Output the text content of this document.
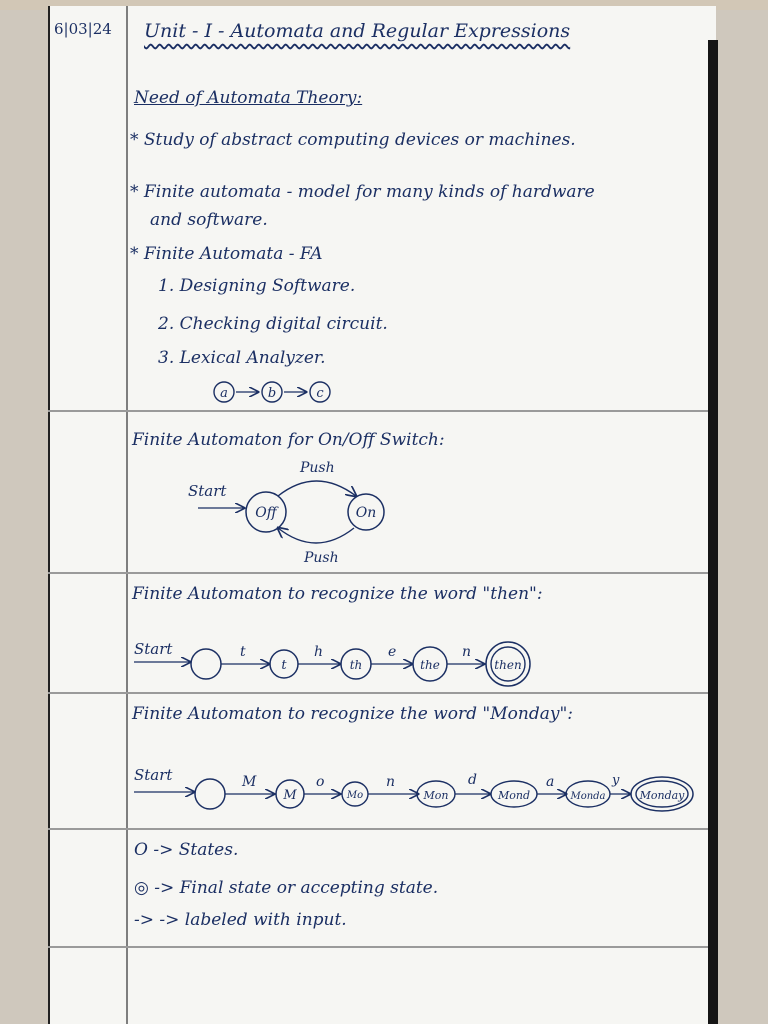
6|03|24 Unit - I - Automata and Regular Expressions
Need of Automata Theory:
* Study of abstract computing devices or machines.
* Finite automata - model for many kinds of hardware
and software.
* Finite Automata - FA
1. Designing Software.
2. Checking digital circuit.
3. Lexical Analyzer.
a	b	c
Finite Automaton for On/Off Switch:
Start
Off	On
Push
Push
Finite Automaton to recognize the word "then":
Start	t
t
h
th
e
the
n
then
Finite Automaton to recognize the word "Monday":
Start	M
M
o
Mo
n
Mon
d
Mond
a
Monda
y
Monday
O -> States.
◎ -> Final state or accepting state.
-> -> labeled with input.
